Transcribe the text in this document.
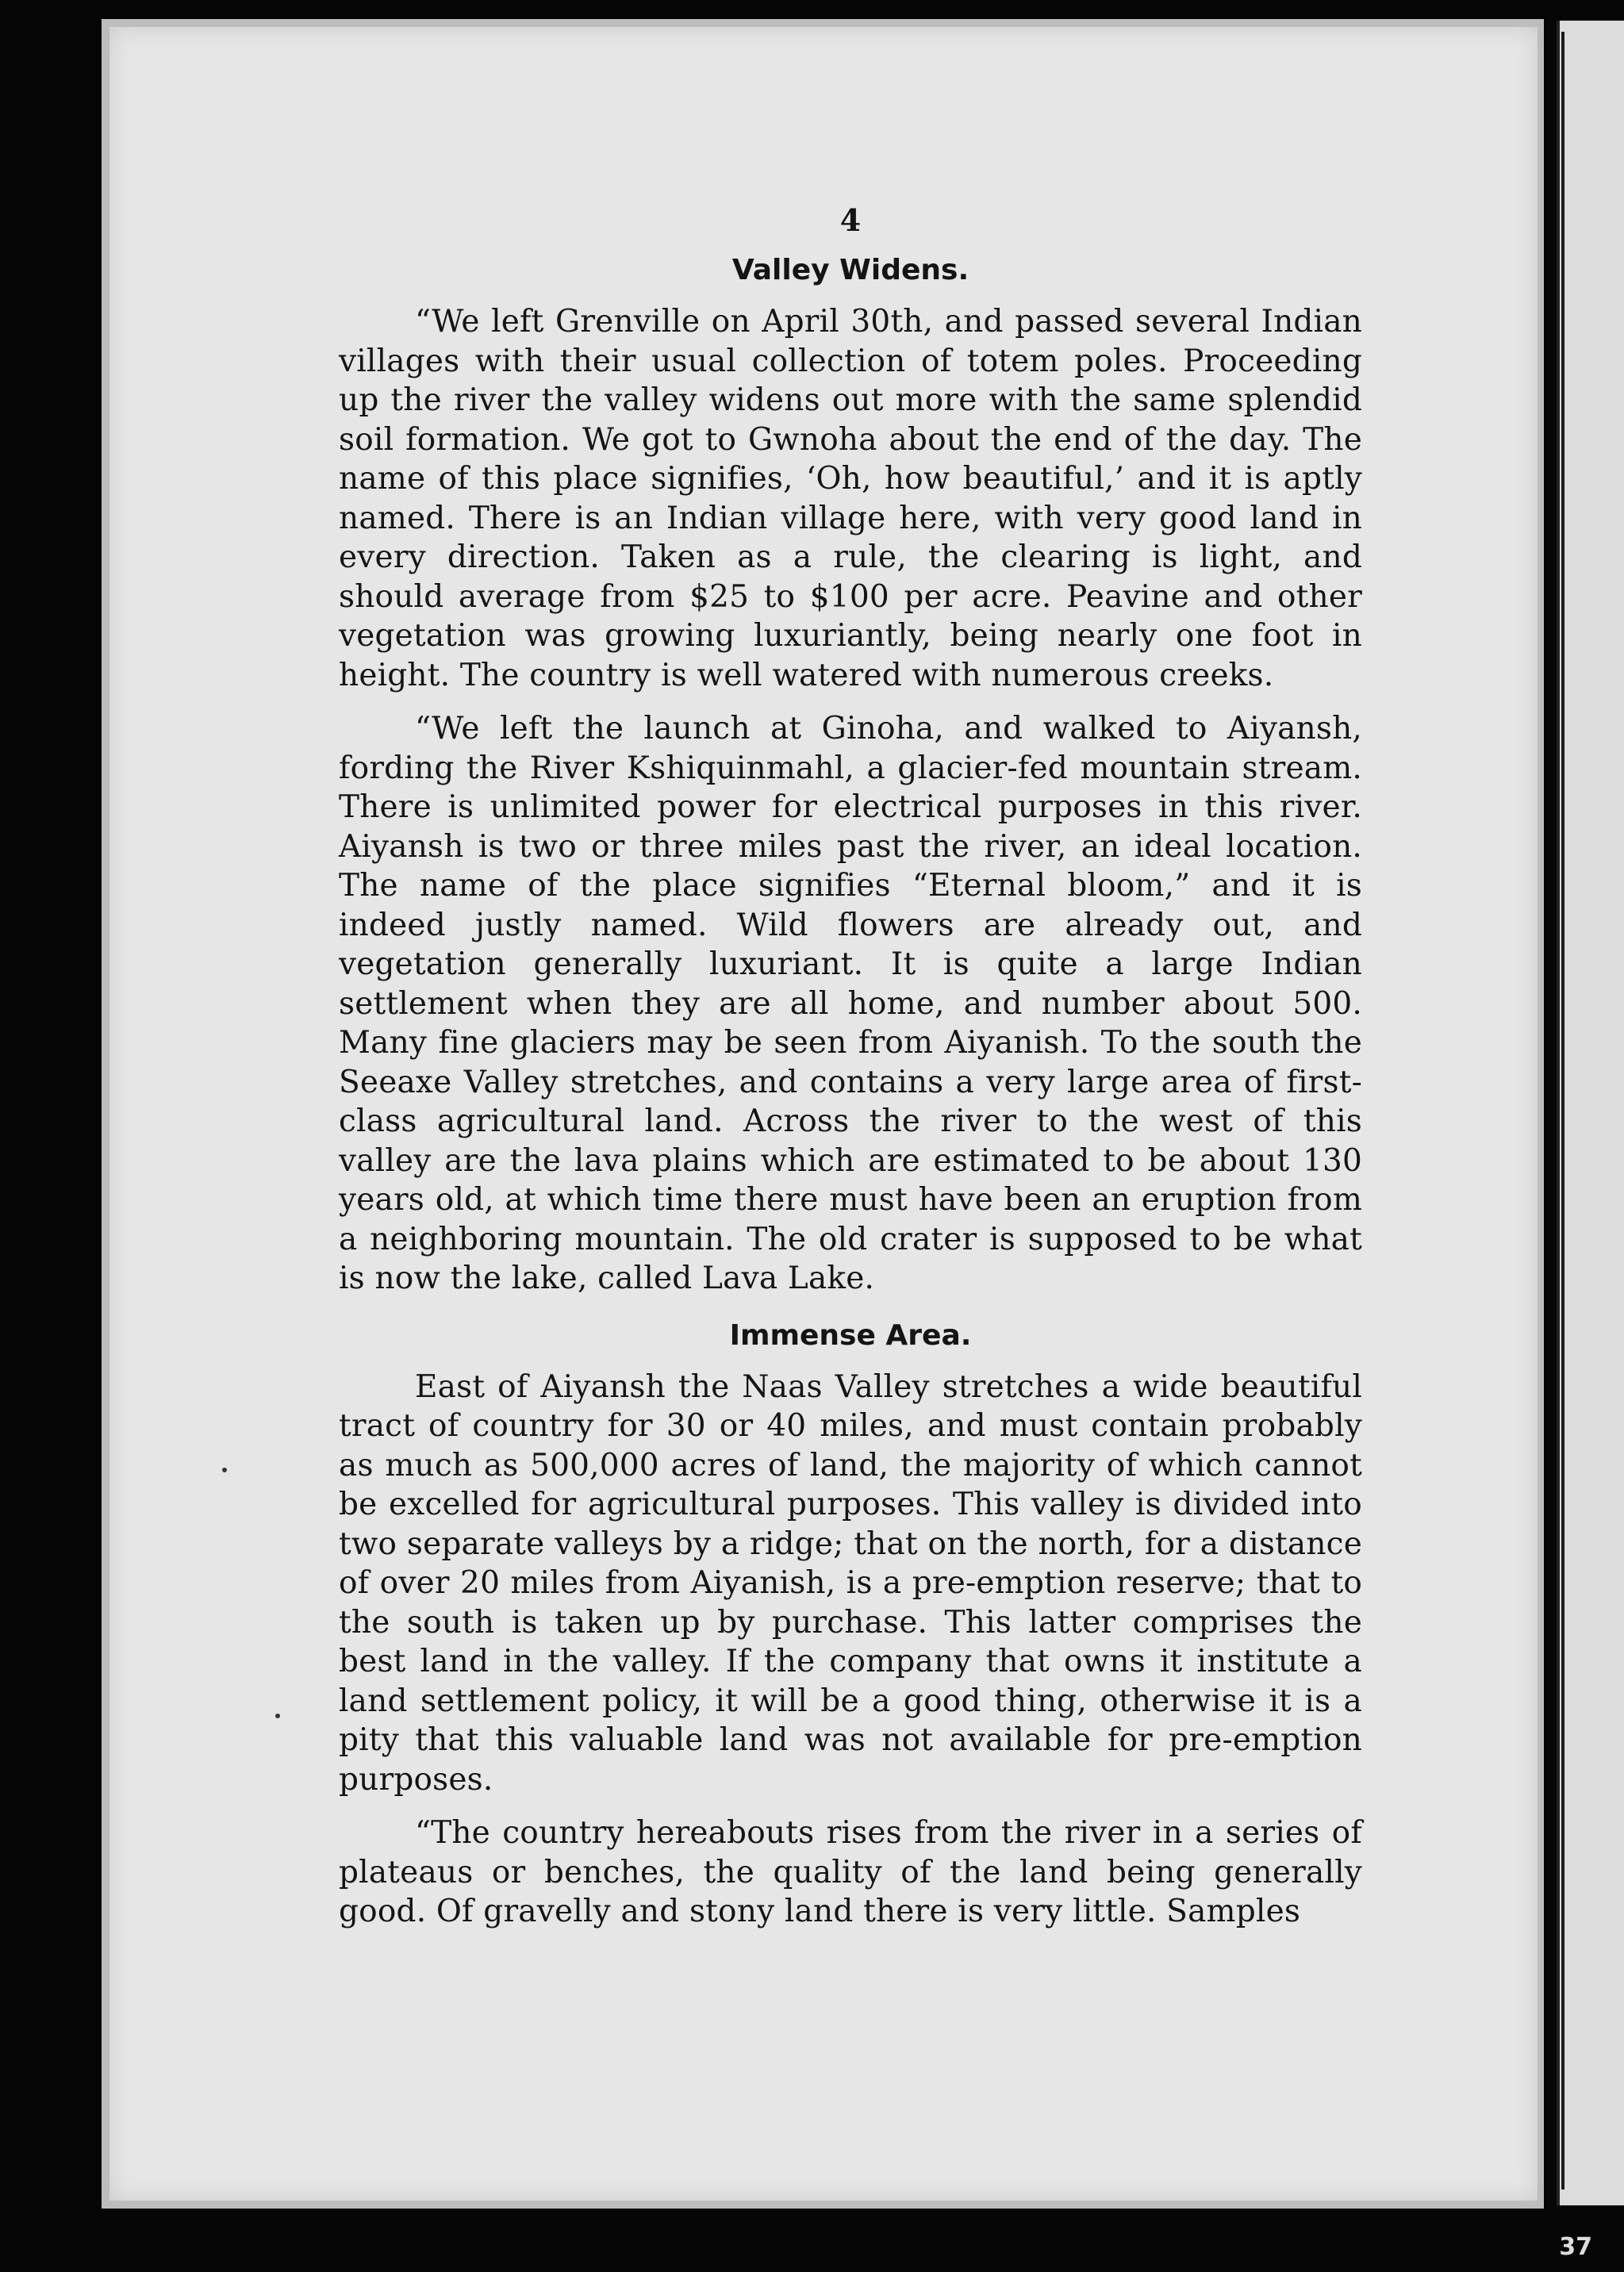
4
Valley Widens.

“We left Grenville on April 30th, and passed several Indian villages with their usual collection of totem poles. Proceeding up the river the valley widens out more with the same splendid soil formation. We got to Gwnoha about the end of the day. The name of this place signifies, ‘Oh, how beautiful,’ and it is aptly named. There is an Indian village here, with very good land in every direction. Taken as a rule, the clearing is light, and should average from $25 to $100 per acre. Peavine and other vegetation was growing luxuriantly, being nearly one foot in height. The country is well watered with numerous creeks.

“We left the launch at Ginoha, and walked to Aiyansh, fording the River Kshiquinmahl, a glacier-fed mountain stream. There is unlimited power for electrical purposes in this river. Aiyansh is two or three miles past the river, an ideal location. The name of the place signifies “Eternal bloom,” and it is indeed justly named. Wild flowers are already out, and vegetation generally luxuriant. It is quite a large Indian settlement when they are all home, and number about 500. Many fine glaciers may be seen from Aiyanish. To the south the Seeaxe Valley stretches, and contains a very large area of first-class agricultural land. Across the river to the west of this valley are the lava plains which are estimated to be about 130 years old, at which time there must have been an eruption from a neighboring mountain. The old crater is supposed to be what is now the lake, called Lava Lake.

Immense Area.

East of Aiyansh the Naas Valley stretches a wide beautiful tract of country for 30 or 40 miles, and must contain probably as much as 500,000 acres of land, the majority of which cannot be excelled for agricultural purposes. This valley is divided into two separate valleys by a ridge; that on the north, for a distance of over 20 miles from Aiyanish, is a pre-emption reserve; that to the south is taken up by purchase. This latter comprises the best land in the valley. If the company that owns it institute a land settlement policy, it will be a good thing, otherwise it is a pity that this valuable land was not available for pre-emption purposes.

“The country hereabouts rises from the river in a series of plateaus or benches, the quality of the land being generally good. Of gravelly and stony land there is very little. Samples

37
